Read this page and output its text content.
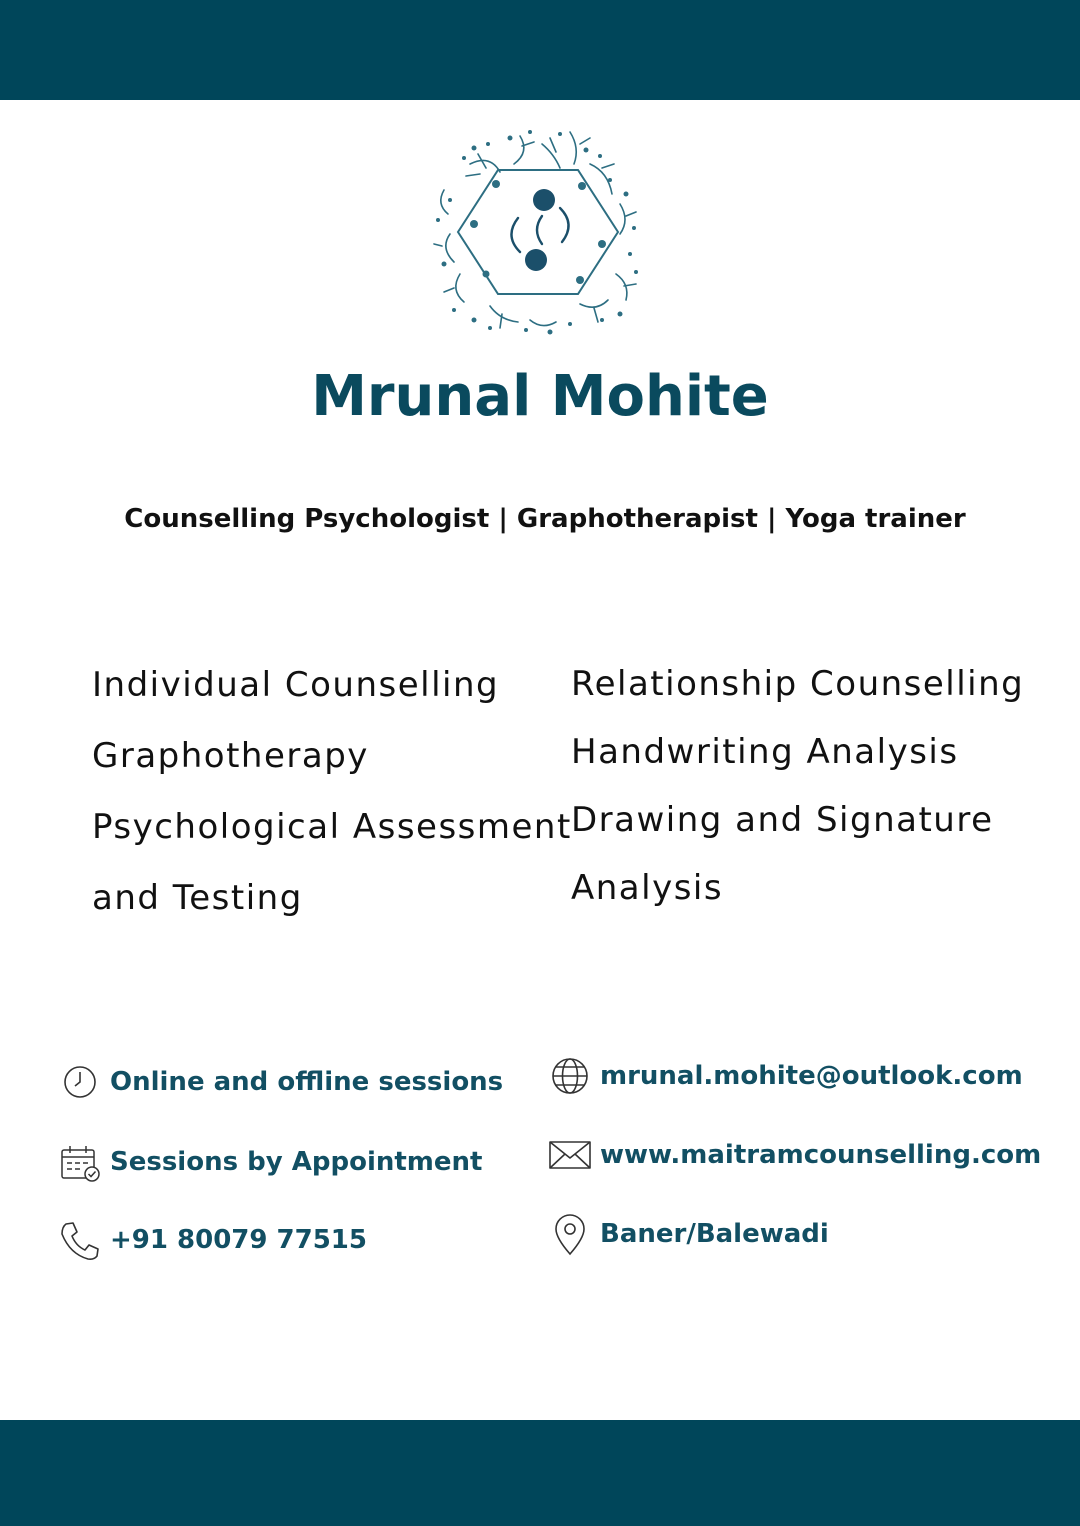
Mrunal Mohite
Counselling Psychologist | Graphotherapist | Yoga trainer
Individual Counselling
Graphotherapy
Psychological Assessment
and Testing
Relationship Counselling
Handwriting Analysis
Drawing and Signature
Analysis
Online and offline sessions
Sessions by Appointment
+91 80079 77515
mrunal.mohite@outlook.com
www.maitramcounselling.com
Baner/Balewadi
